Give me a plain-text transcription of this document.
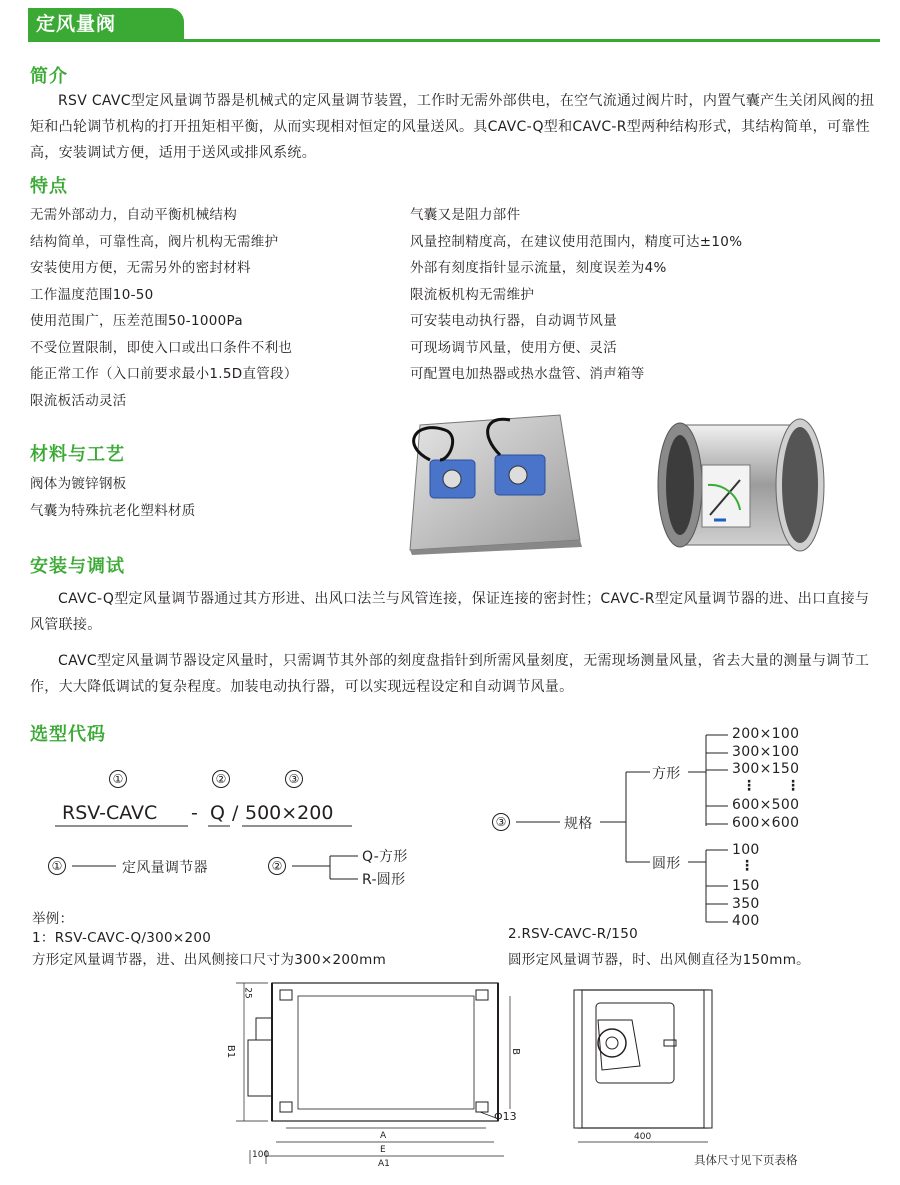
定风量阀
简介
RSV CAVC型定风量调节器是机械式的定风量调节装置，工作时无需外部供电，在空气流通过阀片时，内置气囊产生关闭风阀的扭矩和凸轮调节机构的打开扭矩相平衡，从而实现相对恒定的风量送风。具CAVC-Q型和CAVC-R型两种结构形式，其结构简单，可靠性高，安装调试方便，适用于送风或排风系统。
特点
无需外部动力，自动平衡机械结构
结构简单，可靠性高，阀片机构无需维护
安装使用方便，无需另外的密封材料
工作温度范围10-50
使用范围广，压差范围50-1000Pa
不受位置限制，即使入口或出口条件不利也
能正常工作（入口前要求最小1.5D直管段）
限流板活动灵活
气囊又是阻力部件
风量控制精度高，在建议使用范围内，精度可达±10%
外部有刻度指针显示流量，刻度误差为4%
限流板机构无需维护
可安装电动执行器，自动调节风量
可现场调节风量，使用方便、灵活
可配置电加热器或热水盘管、消声箱等
材料与工艺
阀体为镀锌钢板
气囊为特殊抗老化塑料材质
安装与调试
CAVC-Q型定风量调节器通过其方形进、出风口法兰与风管连接，保证连接的密封性；CAVC-R型定风量调节器的进、出口直接与风管联接。
CAVC型定风量调节器设定风量时，只需调节其外部的刻度盘指针到所需风量刻度，无需现场测量风量，省去大量的测量与调节工作，大大降低调试的复杂程度。加装电动执行器，可以实现远程设定和自动调节风量。
选型代码
①	②	③
RSV-CAVC - Q / 500×200
①	定风量调节器	②
Q-方形
R-圆形
③	规格
方形
圆形
200×100
300×100
300×150
⋮ ⋮
600×500
600×600
100
⋮
150
350
400
举例：
1：RSV-CAVC-Q/300×200
方形定风量调节器，进、出风侧接口尺寸为300×200mm
2.RSV-CAVC-R/150
圆形定风量调节器，时、出风侧直径为150mm。
25
B1	B
Φ13
A
E
A1
100
400
具体尺寸见下页表格
